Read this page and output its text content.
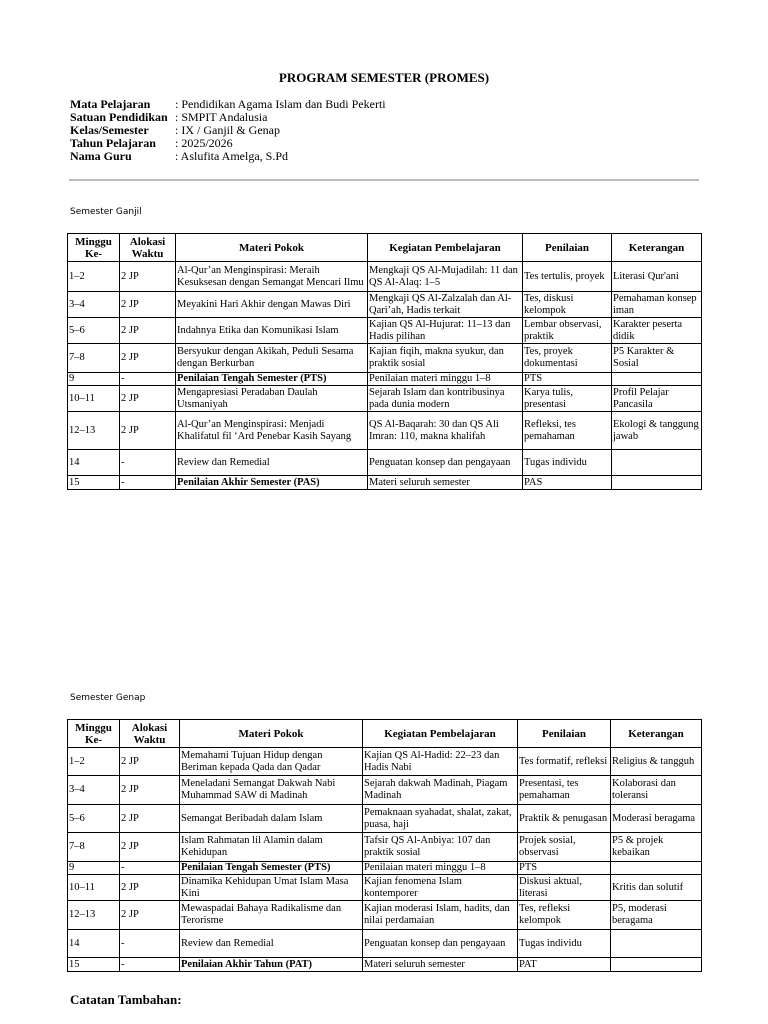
PROGRAM SEMESTER (PROMES)
Mata Pelajaran	: Pendidikan Agama Islam dan Budi Pekerti
Satuan Pendidikan	: SMPIT Andalusia
Kelas/Semester	: IX / Ganjil & Genap
Tahun Pelajaran	: 2025/2026
Nama Guru	: Aslufita Amelga, S.Pd
Semester Ganjil
Minggu Ke-	Alokasi Waktu	Materi Pokok	Kegiatan Pembelajaran	Penilaian	Keterangan
1–2	2 JP	Al-Qur’an Menginspirasi: Meraih Kesuksesan dengan Semangat Mencari Ilmu	Mengkaji QS Al-Mujadilah: 11 dan QS Al-Alaq: 1–5	Tes tertulis, proyek	Literasi Qur'ani
3–4	2 JP	Meyakini Hari Akhir dengan Mawas Diri	Mengkaji QS Al-Zalzalah dan Al-Qari’ah, Hadis terkait	Tes, diskusi kelompok	Pemahaman konsep iman
5–6	2 JP	Indahnya Etika dan Komunikasi Islam	Kajian QS Al-Hujurat: 11–13 dan Hadis pilihan	Lembar observasi, praktik	Karakter peserta didik
7–8	2 JP	Bersyukur dengan Akikah, Peduli Sesama dengan Berkurban	Kajian fiqih, makna syukur, dan praktik sosial	Tes, proyek dokumentasi	P5 Karakter & Sosial
9	-	Penilaian Tengah Semester (PTS)	Penilaian materi minggu 1–8	PTS	
10–11	2 JP	Mengapresiasi Peradaban Daulah Utsmaniyah	Sejarah Islam dan kontribusinya pada dunia modern	Karya tulis, presentasi	Profil Pelajar Pancasila
12–13	2 JP	Al-Qur’an Menginspirasi: Menjadi Khalifatul fil ‘Ard Penebar Kasih Sayang	QS Al-Baqarah: 30 dan QS Ali Imran: 110, makna khalifah	Refleksi, tes pemahaman	Ekologi & tanggung jawab
14	-	Review dan Remedial	Penguatan konsep dan pengayaan	Tugas individu	
15	-	Penilaian Akhir Semester (PAS)	Materi seluruh semester	PAS	
Semester Genap
Minggu Ke-	Alokasi Waktu	Materi Pokok	Kegiatan Pembelajaran	Penilaian	Keterangan
1–2	2 JP	Memahami Tujuan Hidup dengan Beriman kepada Qada dan Qadar	Kajian QS Al-Hadid: 22–23 dan Hadis Nabi	Tes formatif, refleksi	Religius & tangguh
3–4	2 JP	Meneladani Semangat Dakwah Nabi Muhammad SAW di Madinah	Sejarah dakwah Madinah, Piagam Madinah	Presentasi, tes pemahaman	Kolaborasi dan toleransi
5–6	2 JP	Semangat Beribadah dalam Islam	Pemaknaan syahadat, shalat, zakat, puasa, haji	Praktik & penugasan	Moderasi beragama
7–8	2 JP	Islam Rahmatan lil Alamin dalam Kehidupan	Tafsir QS Al-Anbiya: 107 dan praktik sosial	Projek sosial, observasi	P5 & projek kebaikan
9	-	Penilaian Tengah Semester (PTS)	Penilaian materi minggu 1–8	PTS	
10–11	2 JP	Dinamika Kehidupan Umat Islam Masa Kini	Kajian fenomena Islam kontemporer	Diskusi aktual, literasi	Kritis dan solutif
12–13	2 JP	Mewaspadai Bahaya Radikalisme dan Terorisme	Kajian moderasi Islam, hadits, dan nilai perdamaian	Tes, refleksi kelompok	P5, moderasi beragama
14	-	Review dan Remedial	Penguatan konsep dan pengayaan	Tugas individu	
15	-	Penilaian Akhir Tahun (PAT)	Materi seluruh semester	PAT	
Catatan Tambahan:
